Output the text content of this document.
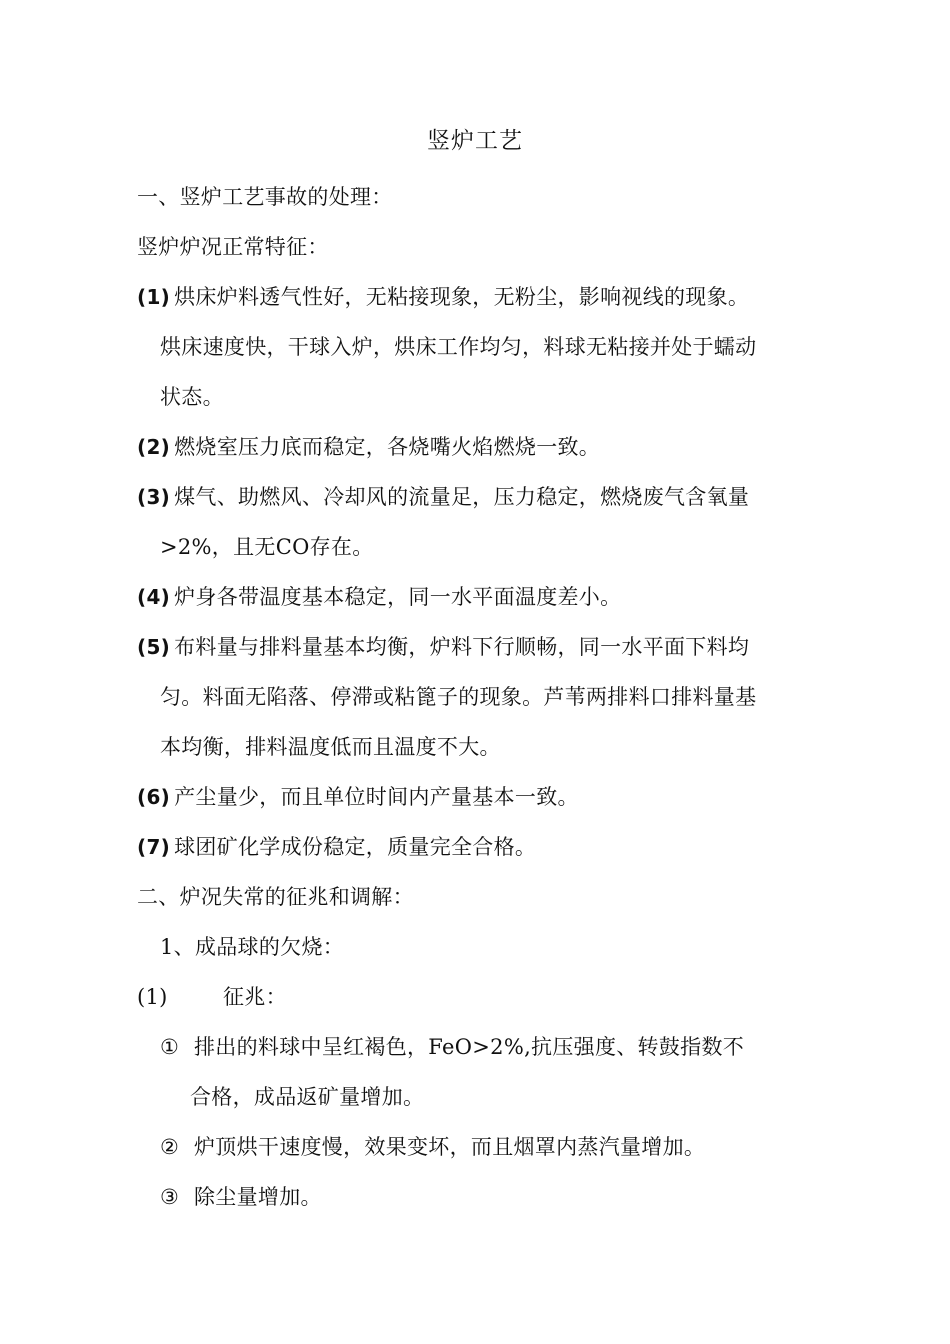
竖炉工艺
一、竖炉工艺事故的处理：
竖炉炉况正常特征：
(1) 烘床炉料透气性好，无粘接现象，无粉尘，影响视线的现象。
烘床速度快，干球入炉，烘床工作均匀，料球无粘接并处于蠕动
状态。
(2) 燃烧室压力底而稳定，各烧嘴火焰燃烧一致。
(3) 煤气、助燃风、冷却风的流量足，压力稳定，燃烧废气含氧量
>2%，且无CO存在。
(4) 炉身各带温度基本稳定，同一水平面温度差小。
(5) 布料量与排料量基本均衡，炉料下行顺畅，同一水平面下料均
匀。料面无陷落、停滞或粘篦子的现象。芦苇两排料口排料量基
本均衡，排料温度低而且温度不大。
(6) 产尘量少，而且单位时间内产量基本一致。
(7) 球团矿化学成份稳定，质量完全合格。
二、炉况失常的征兆和调解：
1、成品球的欠烧：
(1)	征兆：
① 排出的料球中呈红褐色，FeO>2%,抗压强度、转鼓指数不
合格，成品返矿量增加。
② 炉顶烘干速度慢，效果变坏，而且烟罩内蒸汽量增加。
③ 除尘量增加。
